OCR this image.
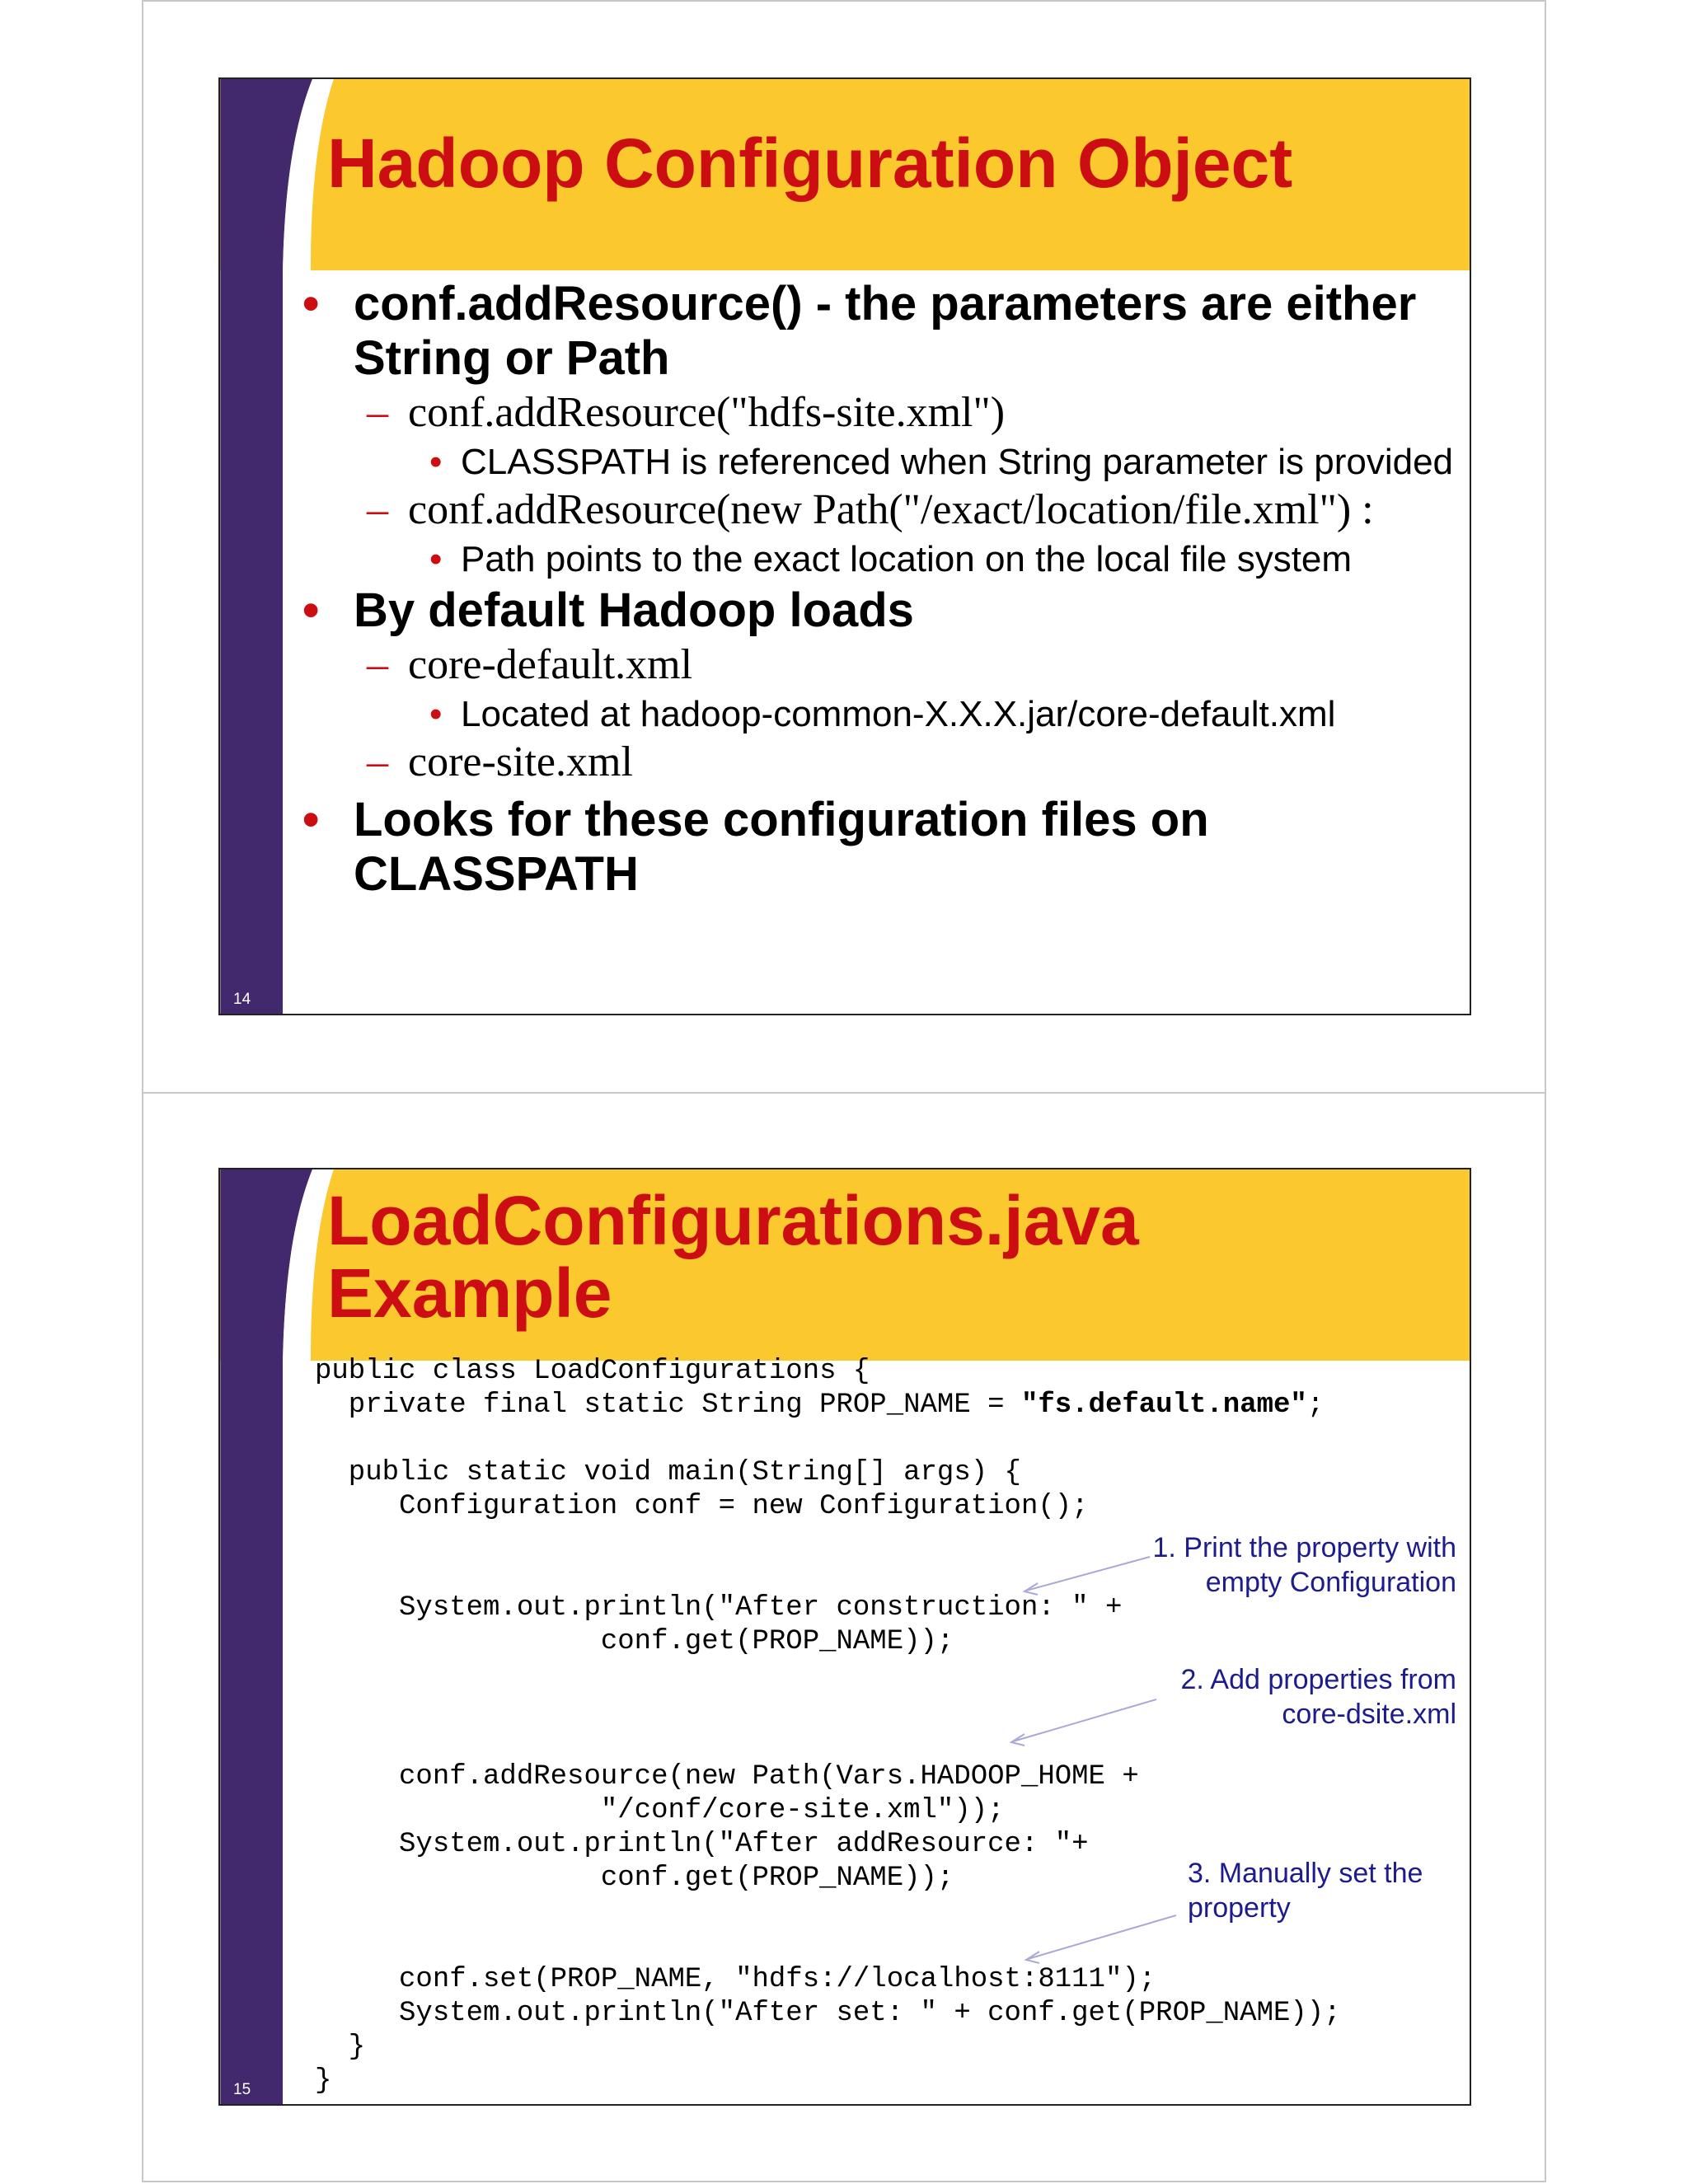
Hadoop Configuration Object
• conf.addResource() - the parameters are either String or Path
– conf.addResource("hdfs-site.xml")
• CLASSPATH is referenced when String parameter is provided
– conf.addResource(new Path("/exact/location/file.xml") :
• Path points to the exact location on the local file system
• By default Hadoop loads
– core-default.xml
• Located at hadoop-common-X.X.X.jar/core-default.xml
– core-site.xml
• Looks for these configuration files on CLASSPATH
14
LoadConfigurations.java
Example
public class LoadConfigurations {
private final static String PROP_NAME = "fs.default.name";

public static void main(String[] args) {
Configuration conf = new Configuration();

System.out.println("After construction: " +
conf.get(PROP_NAME));

conf.addResource(new Path(Vars.HADOOP_HOME +
"/conf/core-site.xml"));
System.out.println("After addResource: "+
conf.get(PROP_NAME));

conf.set(PROP_NAME, "hdfs://localhost:8111");
System.out.println("After set: " + conf.get(PROP_NAME));
}
}
1. Print the property with
empty Configuration
2. Add properties from
core-dsite.xml
3. Manually set the
property
15
